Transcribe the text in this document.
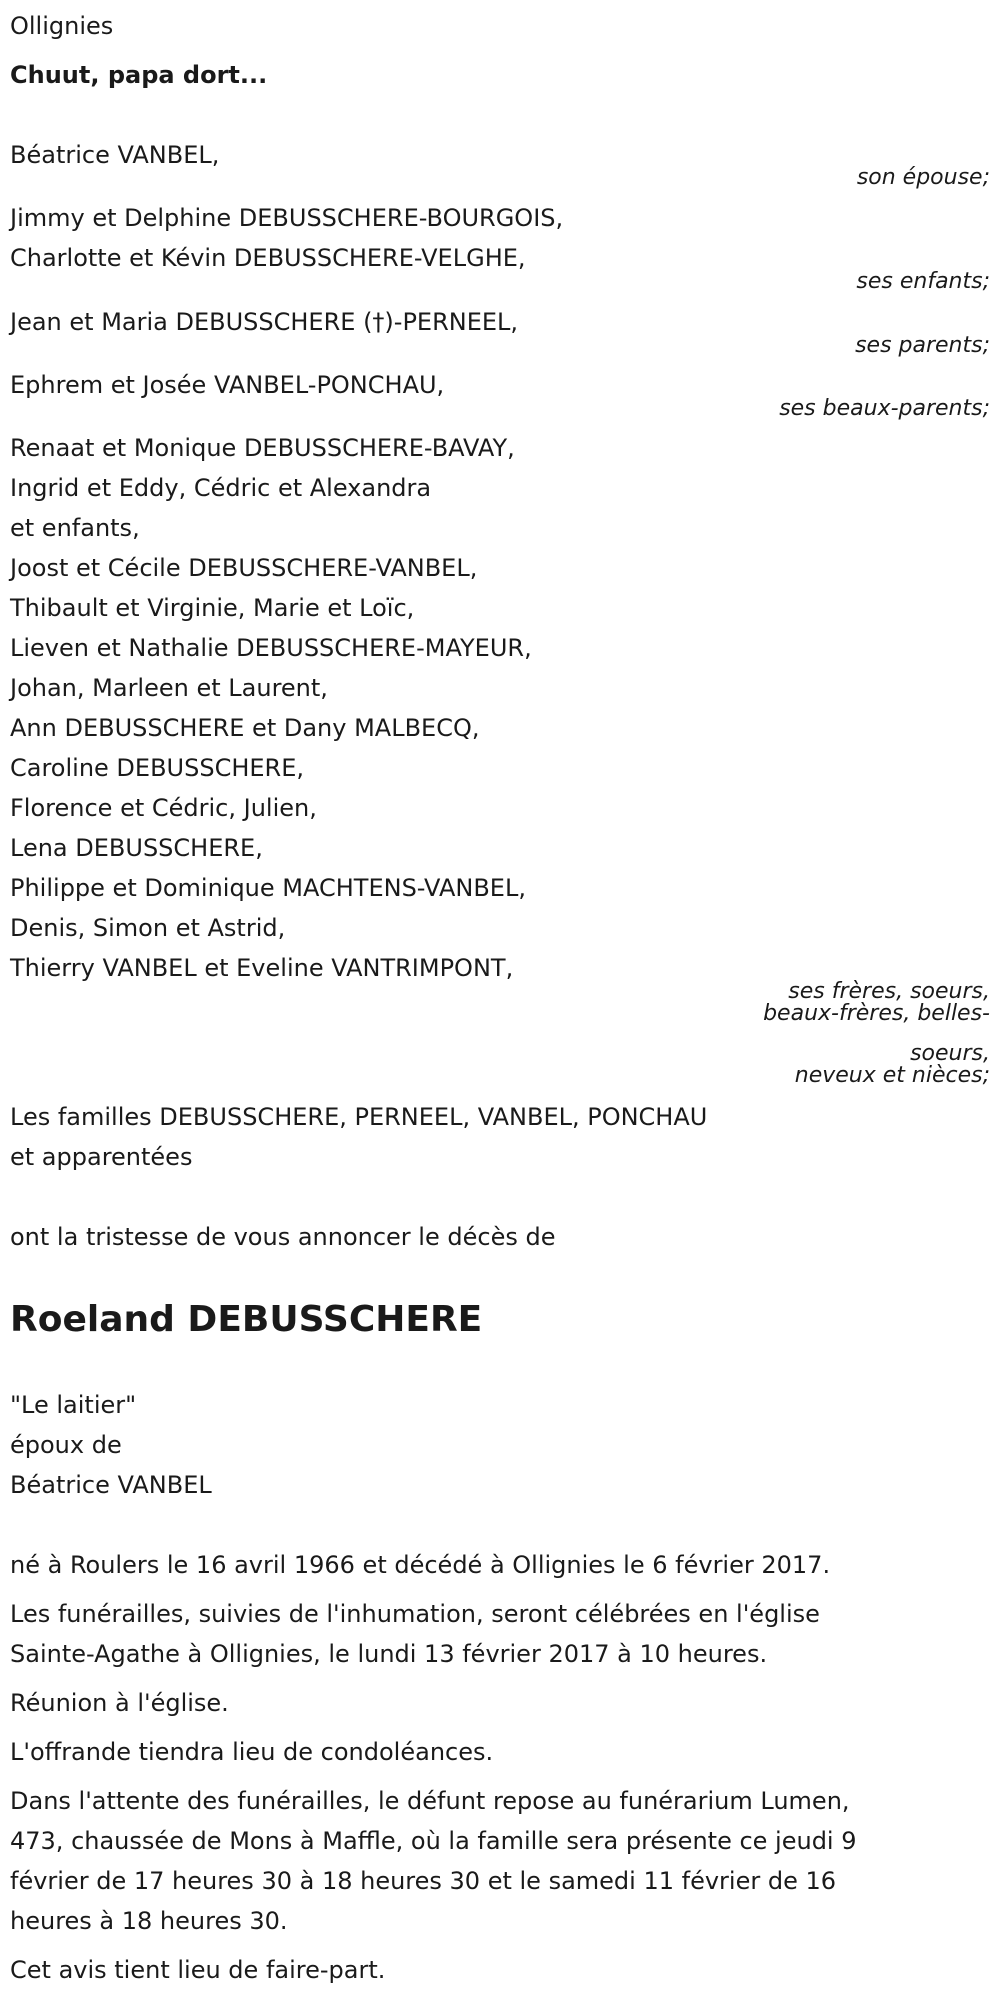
Ollignies
Chuut, papa dort...
Béatrice VANBEL,
son épouse;
Jimmy et Delphine DEBUSSCHERE-BOURGOIS,
Charlotte et Kévin DEBUSSCHERE-VELGHE,
ses enfants;
Jean et Maria DEBUSSCHERE (†)-PERNEEL,
ses parents;
Ephrem et Josée VANBEL-PONCHAU,
ses beaux-parents;
Renaat et Monique DEBUSSCHERE-BAVAY,
Ingrid et Eddy, Cédric et Alexandra
et enfants,
Joost et Cécile DEBUSSCHERE-VANBEL,
Thibault et Virginie, Marie et Loïc,
Lieven et Nathalie DEBUSSCHERE-MAYEUR,
Johan, Marleen et Laurent,
Ann DEBUSSCHERE et Dany MALBECQ,
Caroline DEBUSSCHERE,
Florence et Cédric, Julien,
Lena DEBUSSCHERE,
Philippe et Dominique MACHTENS-VANBEL,
Denis, Simon et Astrid,
Thierry VANBEL et Eveline VANTRIMPONT,
ses frères, soeurs,
beaux-frères, belles-
soeurs,
neveux et nièces;
Les familles DEBUSSCHERE, PERNEEL, VANBEL, PONCHAU
et apparentées
ont la tristesse de vous annoncer le décès de
Roeland DEBUSSCHERE
"Le laitier"
époux de
Béatrice VANBEL
né à Roulers le 16 avril 1966 et décédé à Ollignies le 6 février 2017.
Les funérailles, suivies de l'inhumation, seront célébrées en l'église
Sainte-Agathe à Ollignies, le lundi 13 février 2017 à 10 heures.
Réunion à l'église.
L'offrande tiendra lieu de condoléances.
Dans l'attente des funérailles, le défunt repose au funérarium Lumen,
473, chaussée de Mons à Maffle, où la famille sera présente ce jeudi 9
février de 17 heures 30 à 18 heures 30 et le samedi 11 février de 16
heures à 18 heures 30.
Cet avis tient lieu de faire-part.
